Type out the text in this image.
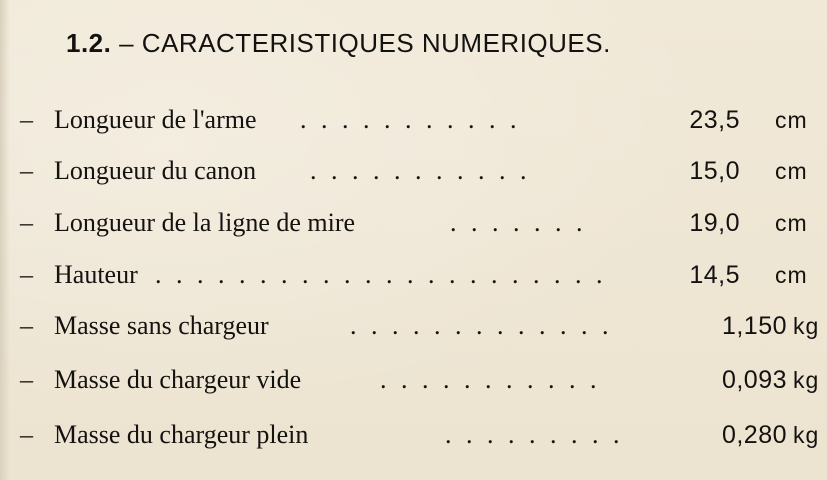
1.2. – CARACTERISTIQUES NUMERIQUES.
– Longueur de l'arme . . . . . . . . . . .	23,5 cm
– Longueur du canon . . . . . . . . . . .	15,0 cm
– Longueur de la ligne de mire	. . . . . . .	19,0 cm
– Hauteur . . . . . . . . . . . . . . . . . . . . . .	14,5 cm
– Masse sans chargeur	. . . . . . . . . . . . .	1,150 kg
– Masse du chargeur vide	. . . . . . . . . . .	0,093 kg
– Masse du chargeur plein	. . . . . . . . .	0,280 kg
